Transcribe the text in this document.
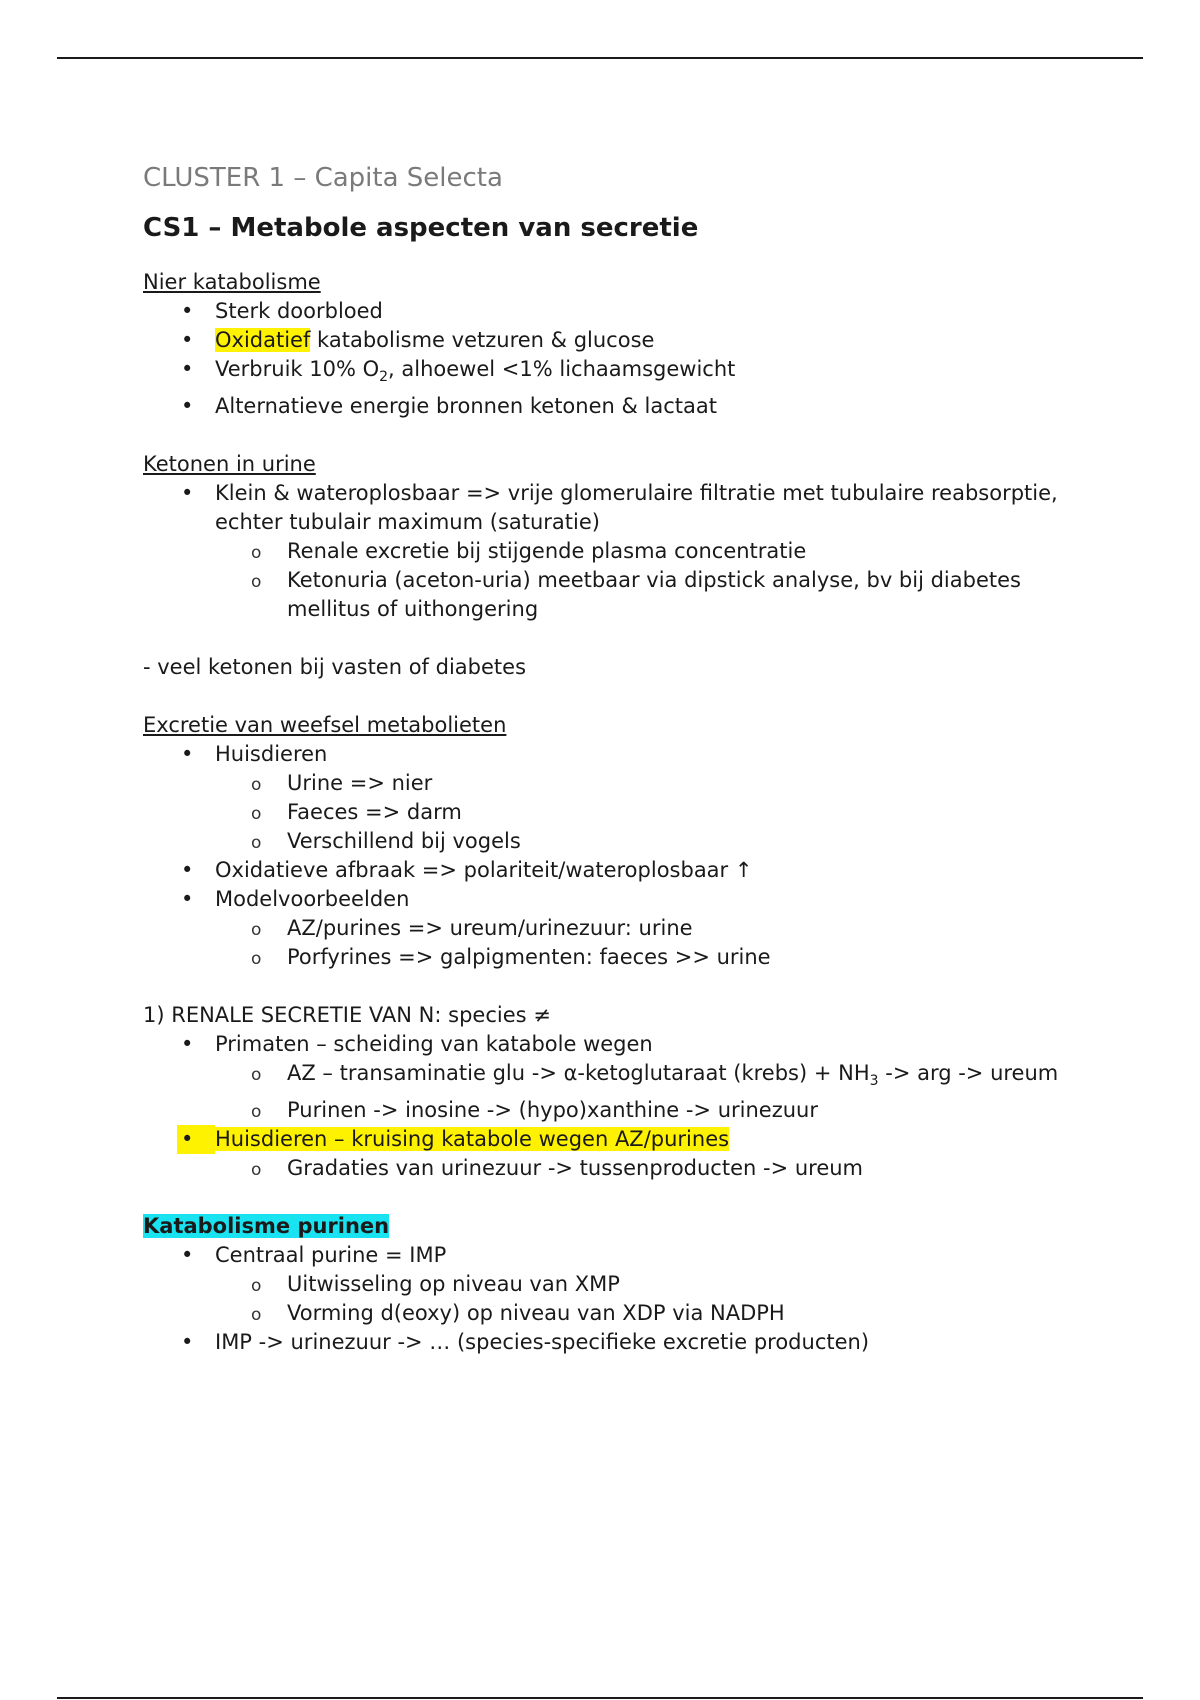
CLUSTER 1 – Capita Selecta
CS1 – Metabole aspecten van secretie
Nier katabolisme
• Sterk doorbloed
• Oxidatief katabolisme vetzuren & glucose
• Verbruik 10% $O_2$, alhoewel <1% lichaamsgewicht
• Alternatieve energie bronnen ketonen & lactaat
Ketonen in urine
• Klein & wateroplosbaar => vrije glomerulaire filtratie met tubulaire reabsorptie, echter tubulair maximum (saturatie)
o Renale excretie bij stijgende plasma concentratie
o Ketonuria (aceton-uria) meetbaar via dipstick analyse, bv bij diabetes mellitus of uithongering
- veel ketonen bij vasten of diabetes
Excretie van weefsel metabolieten
• Huisdieren
o Urine => nier
o Faeces => darm
o Verschillend bij vogels
• Oxidatieve afbraak => polariteit/wateroplosbaar ↑
• Modelvoorbeelden
o AZ/purines => ureum/urinezuur: urine
o Porfyrines => galpigmenten: faeces >> urine
1) RENALE SECRETIE VAN N: species ≠
• Primaten – scheiding van katabole wegen
o AZ – transaminatie glu -> α-ketoglutaraat (krebs) + $NH_3$ -> arg -> ureum
o Purinen -> inosine -> (hypo)xanthine -> urinezuur
•	Huisdieren – kruising katabole wegen AZ/purines
o Gradaties van urinezuur -> tussenproducten -> ureum
Katabolisme purinen
• Centraal purine = IMP
o Uitwisseling op niveau van XMP
o Vorming d(eoxy) op niveau van XDP via NADPH
• IMP -> urinezuur -> … (species-specifieke excretie producten)
